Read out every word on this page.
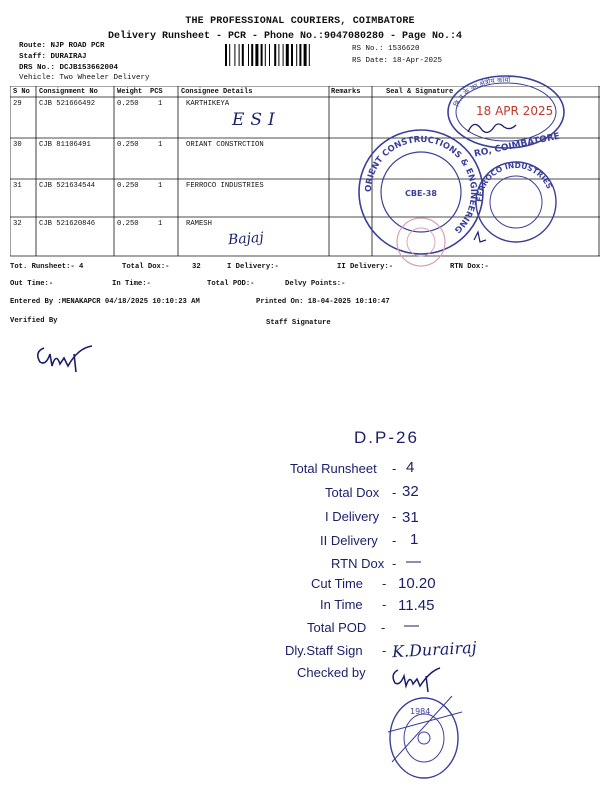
THE PROFESSIONAL COURIERS, COIMBATORE
Delivery Runsheet - PCR - Phone No.:9047080280 - Page No.:4
Route: NJP ROAD PCR
Staff: DURAIRAJ
DRS No.: DCJB153662004
Vehicle: Two Wheeler Delivery
RS No.: 1536620
RS Date: 18-Apr-2025
S No Consignment No	Weight PCS	Consignee Details	Remarks	Seal & Signature
29 CJB 521666492	0.250	1	KARTHIKEYA
ESI
30 CJB 81106491	0.250	1	ORIANT CONSTRCTION
31 CJB 521634544	0.250	1	FERROCO INDUSTRIES
32 CJB 521620846	0.250	1	RAMESH
Bajaj
ORIENT CONSTRUCTIONS & ENGINEERING
CBE-38
बि.उ.के का क्षेत्रीय कार्या
18 APR 2025
RO, COIMBATORE
FERROCO INDUSTRIES
Tot. Runsheet:- 4	Total Dox:-	32	I Delivery:-	II Delivery:-	RTN Dox:-
Out Time:-	In Time:-	Total POD:-	Delvy Points:-
Entered By :MENAKAPCR 04/18/2025 10:10:23 AM	Printed On: 18-04-2025 10:10:47
Verified By	Staff Signature
D.P-26
Total Runsheet - 4
Total Dox - 32
I Delivery - 31
II Delivery - 1
RTN Dox - —
Cut Time - 10.20
In Time - 11.45
Total POD - —
Dly.Staff Sign - K.Durairaj
Checked by
1984
